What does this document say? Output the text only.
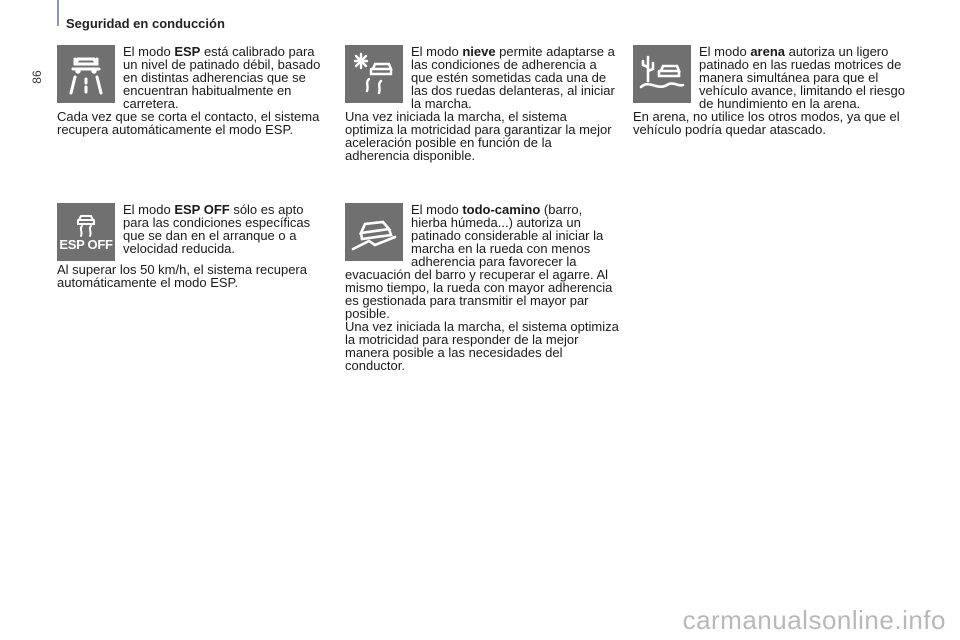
86
Seguridad en conducción

El modo ESP está calibrado para un nivel de patinado débil, basado en distintas adherencias que se encuentran habitualmente en carretera.

Cada vez que se corta el contacto, el sistema recupera automáticamente el modo ESP.

El modo nieve permite adaptarse a las condiciones de adherencia a que estén sometidas cada una de las dos ruedas delanteras, al iniciar la marcha.

Una vez iniciada la marcha, el sistema optimiza la motricidad para garantizar la mejor aceleración posible en función de la adherencia disponible.

El modo arena autoriza un ligero patinado en las ruedas motrices de manera simultánea para que el vehículo avance, limitando el riesgo de hundimiento en la arena.

En arena, no utilice los otros modos, ya que el vehículo podría quedar atascado.

ESP OFF

El modo ESP OFF sólo es apto para las condiciones específicas que se dan en el arranque o a velocidad reducida.

Al superar los 50 km/h, el sistema recupera automáticamente el modo ESP.

El modo todo-camino (barro, hierba húmeda...) autoriza un patinado considerable al iniciar la marcha en la rueda con menos adherencia para favorecer la evacuación del barro y recuperar el agarre. Al mismo tiempo, la rueda con mayor adherencia es gestionada para transmitir el mayor par posible.

Una vez iniciada la marcha, el sistema optimiza la motricidad para responder de la mejor manera posible a las necesidades del conductor.

carmanualsonline.info
